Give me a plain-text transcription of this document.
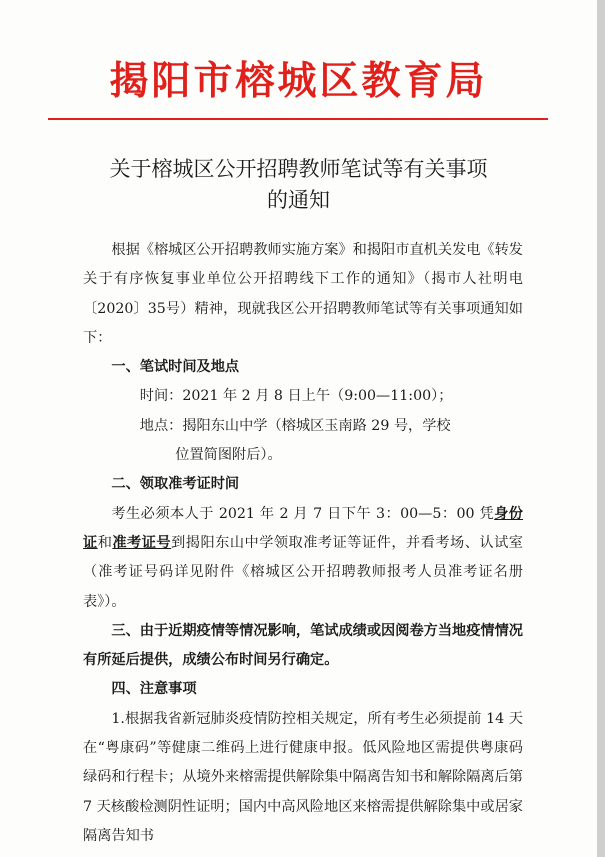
揭阳市榕城区教育局
关于榕城区公开招聘教师笔试等有关事项
的通知

根据《榕城区公开招聘教师实施方案》和揭阳市直机关发电《转发关于有序恢复事业单位公开招聘线下工作的通知》（揭市人社明电〔2020〕35号）精神，现就我区公开招聘教师笔试等有关事项通知如下：

一、笔试时间及地点

时间：2021 年 2 月 8 日上午（9:00—11:00）；

地点：揭阳东山中学（榕城区玉南路 29 号，学校

位置简图附后）。

二、领取准考证时间

考生必须本人于 2021 年 2 月 7 日下午 3：00—5：00 凭身份证和准考证号到揭阳东山中学领取准考证等证件，并看考场、认试室（准考证号码详见附件《榕城区公开招聘教师报考人员准考证名册表》）。

三、由于近期疫情等情况影响，笔试成绩或因阅卷方当地疫情情况有所延后提供，成绩公布时间另行确定。

四、注意事项

1.根据我省新冠肺炎疫情防控相关规定，所有考生必须提前 14 天在“粤康码”等健康二维码上进行健康申报。低风险地区需提供粤康码绿码和行程卡；从境外来榕需提供解除集中隔离告知书和解除隔离后第 7 天核酸检测阴性证明；国内中高风险地区来榕需提供解除集中或居家隔离告知书
